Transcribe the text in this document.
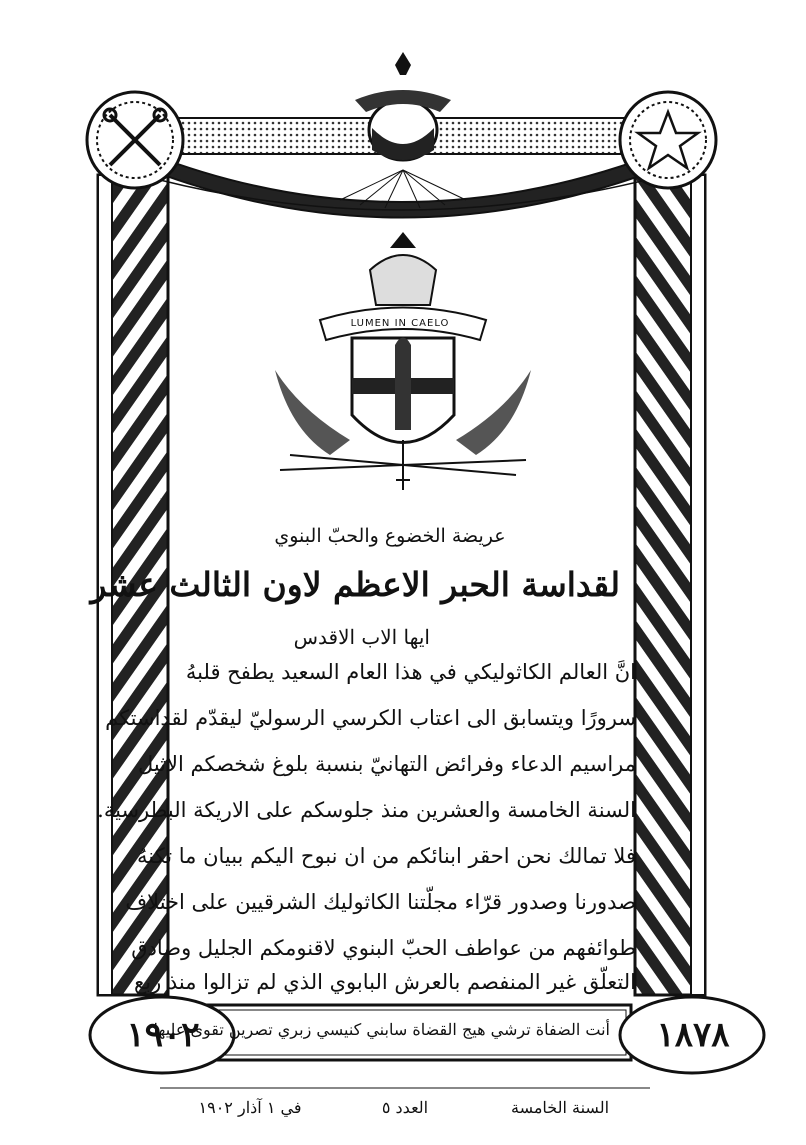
LUMEN IN CAELO
عريضة الخضوع والحبّ البنوي
لقداسة الحبر الاعظم لاون الثالث عشر
ايها الاب الاقدس
انَّ العالم الكاثوليكي في هذا العام السعيد يطفح قلبهُ
سرورًا ويتسابق الى اعتاب الكرسي الرسوليّ ليقدّم لقداستكم
مراسيم الدعاء وفرائض التهانيّ بنسبة بلوغ شخصكم الاثيل
السنة الخامسة والعشرين منذ جلوسكم على الاريكة البطرسية.
فلا تمالك نحن احقر ابنائكم من ان نبوح اليكم ببيان ما تكنهُ
صدورنا وصدور قرّاء مجلّتنا الكاثوليك الشرقيين على اختلاف
طوائفهم من عواطف الحبّ البنوي لاقنومكم الجليل وصادق
التعلّق غير المنفصم بالعرش البابوي الذي لم تزالوا منذ ربع
أنت الضفاة ترشي هيج القضاة سابني كنيسي زبري تصرين تقوى عليها
١٩٠٢	١٨٧٨
في ١ آذار ١٩٠٢	العدد ٥	السنة الخامسة
